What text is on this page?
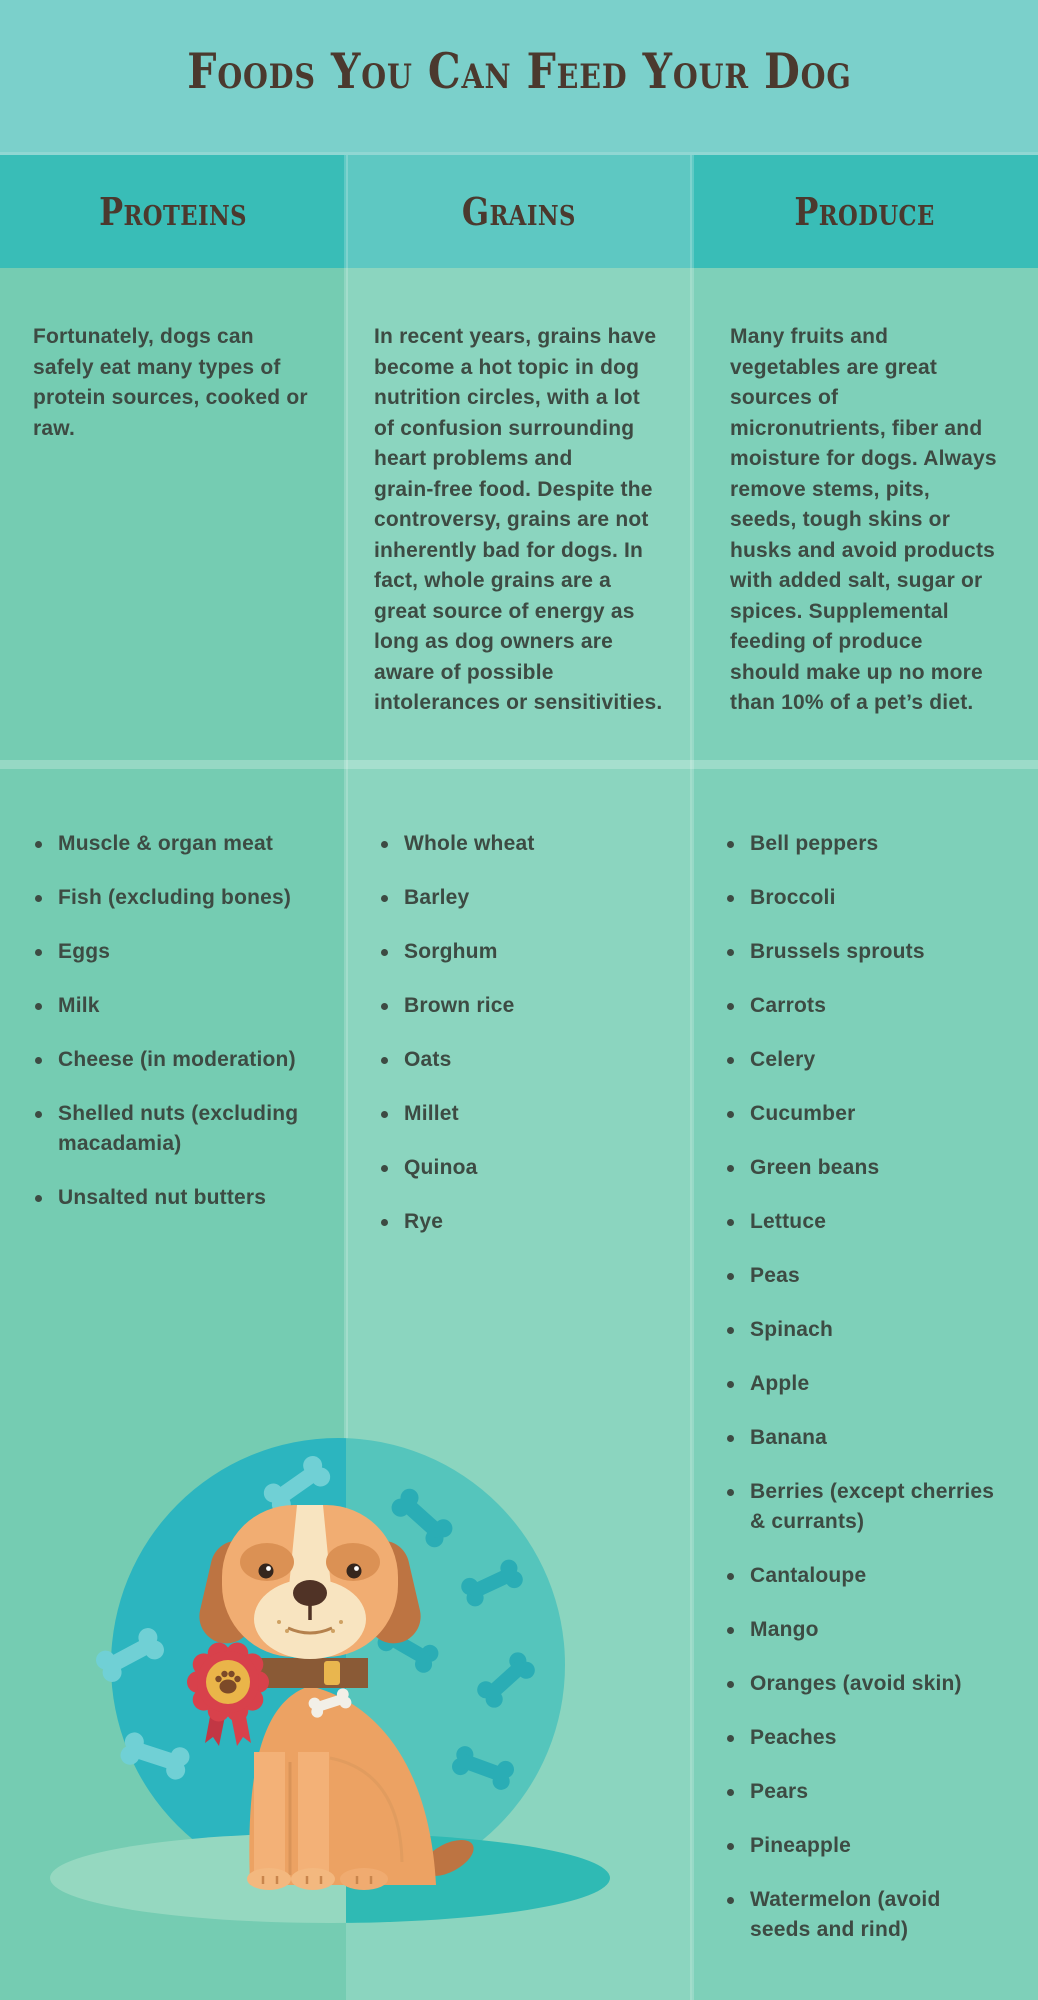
Foods You Can Feed Your Dog
Proteins
Fortunately, dogs can
safely eat many types of
protein sources, cooked or
raw.
Muscle & organ meat
Fish (excluding bones)
Eggs
Milk
Cheese (in moderation)
Shelled nuts (excluding
macadamia)
Unsalted nut butters
Grains
In recent years, grains have
become a hot topic in dog
nutrition circles, with a lot
of confusion surrounding
heart problems and
grain-free food. Despite the
controversy, grains are not
inherently bad for dogs. In
fact, whole grains are a
great source of energy as
long as dog owners are
aware of possible
intolerances or sensitivities.
Whole wheat
Barley
Sorghum
Brown rice
Oats
Millet
Quinoa
Rye
Produce
Many fruits and
vegetables are great
sources of
micronutrients, fiber and
moisture for dogs. Always
remove stems, pits,
seeds, tough skins or
husks and avoid products
with added salt, sugar or
spices. Supplemental
feeding of produce
should make up no more
than 10% of a pet’s diet.
Bell peppers
Broccoli
Brussels sprouts
Carrots
Celery
Cucumber
Green beans
Lettuce
Peas
Spinach
Apple
Banana
Berries (except cherries
& currants)
Cantaloupe
Mango
Oranges (avoid skin)
Peaches
Pears
Pineapple
Watermelon (avoid
seeds and rind)
